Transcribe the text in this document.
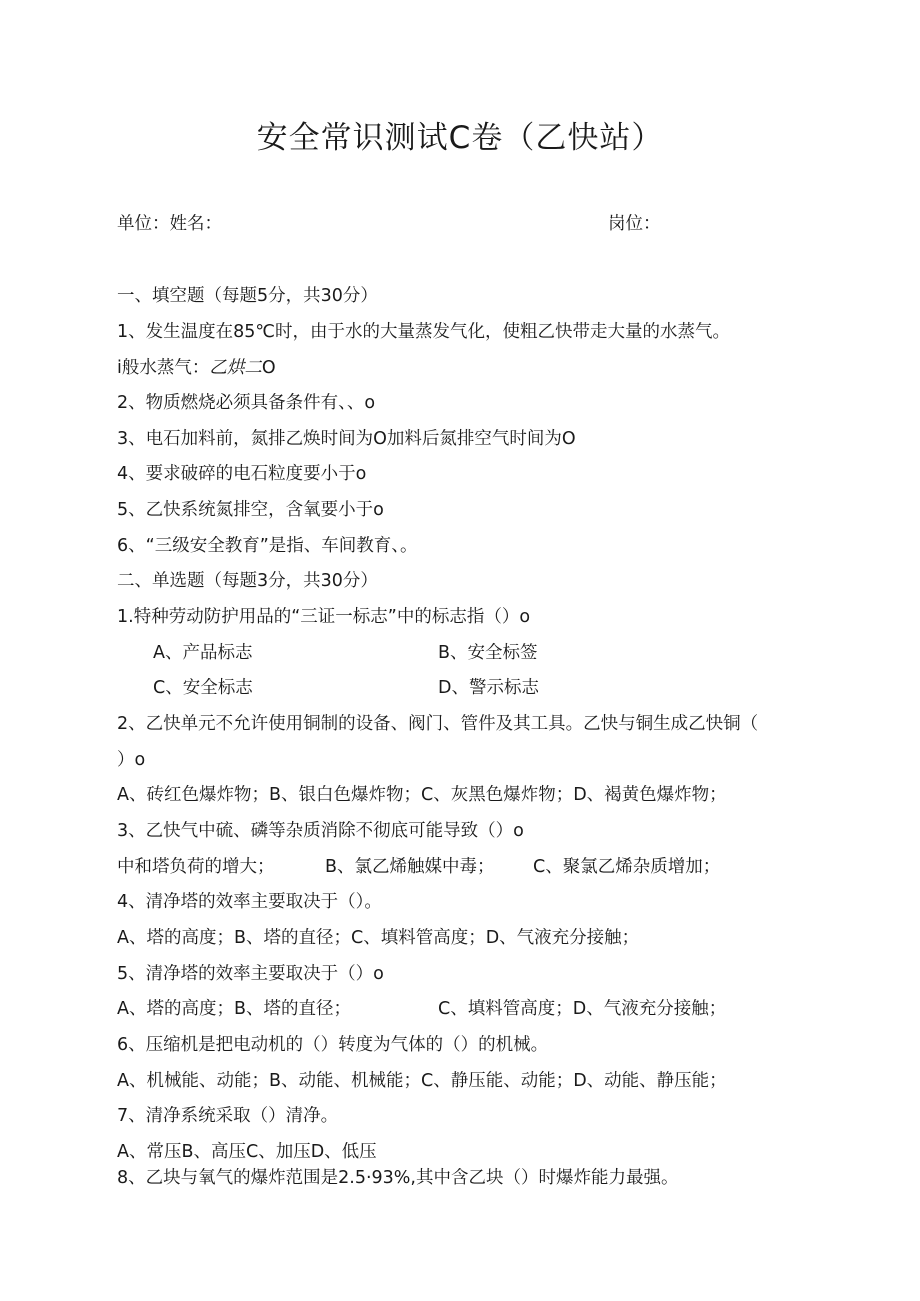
安全常识测试C卷（乙快站）
单位：姓名：	岗位：
一、填空题（每题5分，共30分）
1、发生温度在85℃时，由于水的大量蒸发气化，使粗乙快带走大量的水蒸气。
i般水蒸气：乙烘二O
2、物质燃烧必须具备条件有、、o
3、电石加料前，氮排乙焕时间为O加料后氮排空气时间为O
4、要求破碎的电石粒度要小于o
5、乙快系统氮排空，含氧要小于o
6、“三级安全教育”是指、车间教育、。
二、单选题（每题3分，共30分）
1.特种劳动防护用品的“三证一标志”中的标志指（）o
A、产品标志	B、安全标签
C、安全标志	D、警示标志
2、乙快单元不允许使用铜制的设备、阀门、管件及其工具。乙快与铜生成乙快铜（
）o
A、砖红色爆炸物；B、银白色爆炸物；C、灰黑色爆炸物；D、褐黄色爆炸物；
3、乙快气中硫、磷等杂质消除不彻底可能导致（）o
中和塔负荷的增大；	B、氯乙烯触媒中毒； C、聚氯乙烯杂质增加；
4、清净塔的效率主要取决于（）。
A、塔的高度；B、塔的直径；C、填料管高度；D、气液充分接触；
5、清净塔的效率主要取决于（）o
A、塔的高度；B、塔的直径；	C、填料管高度；D、气液充分接触；
6、压缩机是把电动机的（）转度为气体的（）的机械。
A、机械能、动能；B、动能、机械能；C、静压能、动能；D、动能、静压能；
7、清净系统采取（）清净。
A、常压B、高压C、加压D、低压
8、乙块与氧气的爆炸范围是2.5·93%,其中含乙块（）时爆炸能力最强。
